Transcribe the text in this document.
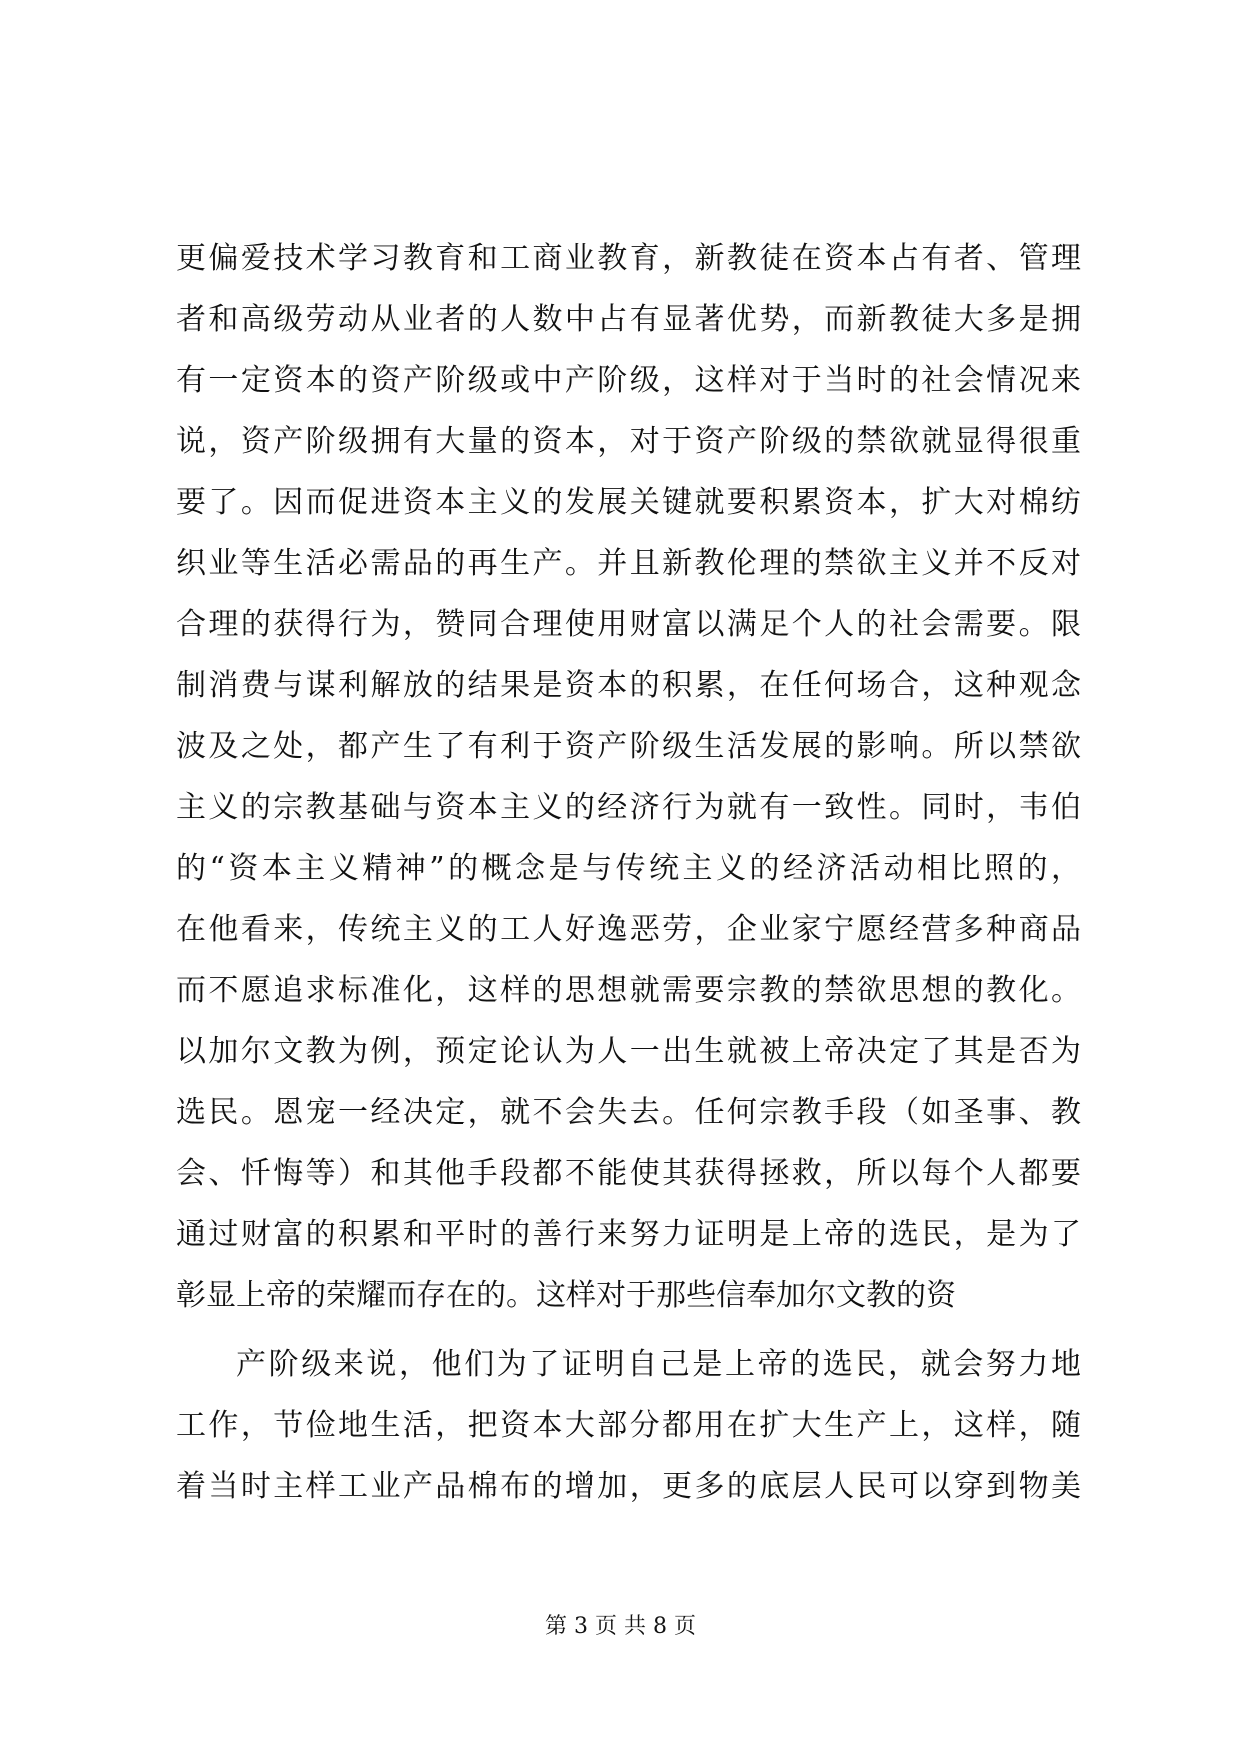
更偏爱技术学习教育和工商业教育，新教徒在资本占有者、管理

者和高级劳动从业者的人数中占有显著优势，而新教徒大多是拥

有一定资本的资产阶级或中产阶级，这样对于当时的社会情况来

说，资产阶级拥有大量的资本，对于资产阶级的禁欲就显得很重

要了。因而促进资本主义的发展关键就要积累资本，扩大对棉纺

织业等生活必需品的再生产。并且新教伦理的禁欲主义并不反对

合理的获得行为，赞同合理使用财富以满足个人的社会需要。限

制消费与谋利解放的结果是资本的积累，在任何场合，这种观念

波及之处，都产生了有利于资产阶级生活发展的影响。所以禁欲

主义的宗教基础与资本主义的经济行为就有一致性。同时，韦伯

的“资本主义精神”的概念是与传统主义的经济活动相比照的，

在他看来，传统主义的工人好逸恶劳，企业家宁愿经营多种商品

而不愿追求标准化，这样的思想就需要宗教的禁欲思想的教化。

以加尔文教为例，预定论认为人一出生就被上帝决定了其是否为

选民。恩宠一经决定，就不会失去。任何宗教手段（如圣事、教

会、忏悔等）和其他手段都不能使其获得拯救，所以每个人都要

通过财富的积累和平时的善行来努力证明是上帝的选民，是为了

彰显上帝的荣耀而存在的。这样对于那些信奉加尔文教的资

产阶级来说，他们为了证明自己是上帝的选民，就会努力地

工作，节俭地生活，把资本大部分都用在扩大生产上，这样，随

着当时主样工业产品棉布的增加，更多的底层人民可以穿到物美

第 3 页 共 8 页
